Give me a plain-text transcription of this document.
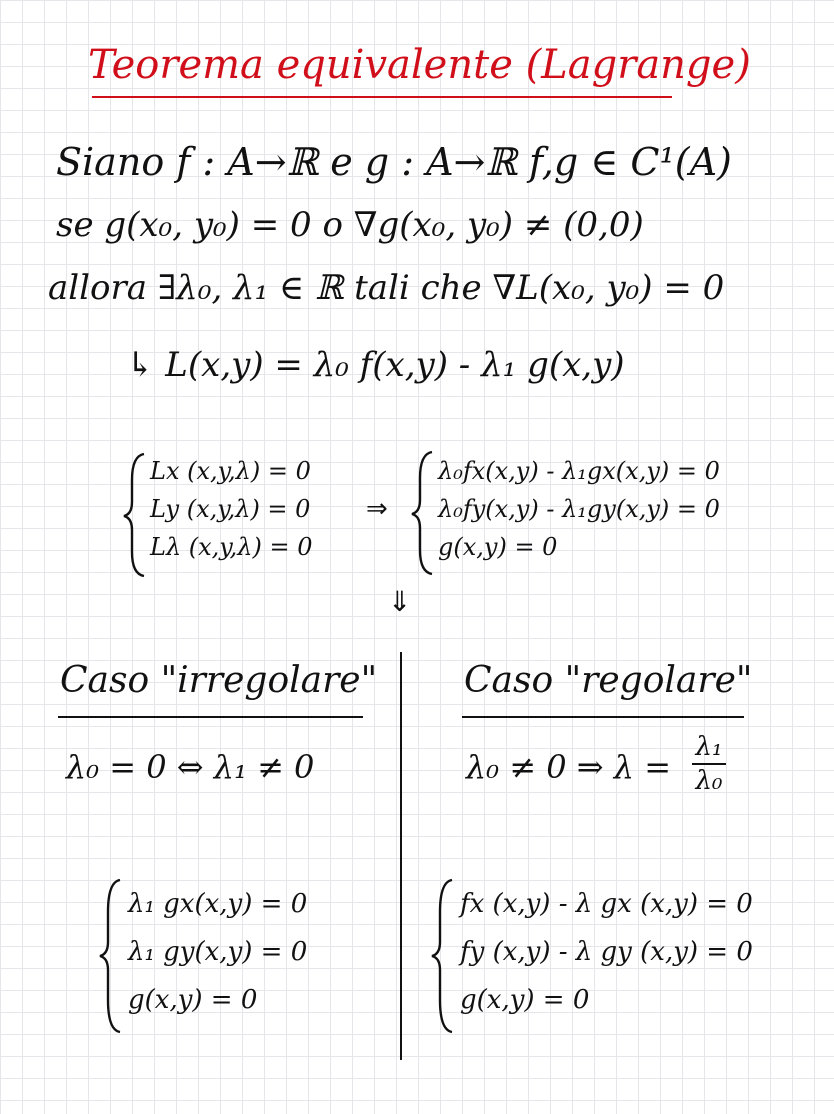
Teorema equivalente (Lagrange)
Siano f : A→ℝ e g : A→ℝ f,g ∈ C¹(A)
se g(x₀, y₀) = 0 o ∇g(x₀, y₀) ≠ (0,0)
allora ∃λ₀, λ₁ ∈ ℝ tali che ∇L(x₀, y₀) = 0
↳ L(x,y) = λ₀ f(x,y) - λ₁ g(x,y)
Lx (x,y,λ) = 0
Ly (x,y,λ) = 0
Lλ (x,y,λ) = 0
⇒
λ₀fx(x,y) - λ₁gx(x,y) = 0
λ₀fy(x,y) - λ₁gy(x,y) = 0
g(x,y) = 0
⇓
Caso "irregolare"
λ₀ = 0 ⇔ λ₁ ≠ 0
λ₁ gx(x,y) = 0
λ₁ gy(x,y) = 0
g(x,y) = 0
Caso "regolare"
λ₀ ≠ 0 ⇒ λ =
λ₁
λ₀
fx (x,y) - λ gx (x,y) = 0
fy (x,y) - λ gy (x,y) = 0
g(x,y) = 0
